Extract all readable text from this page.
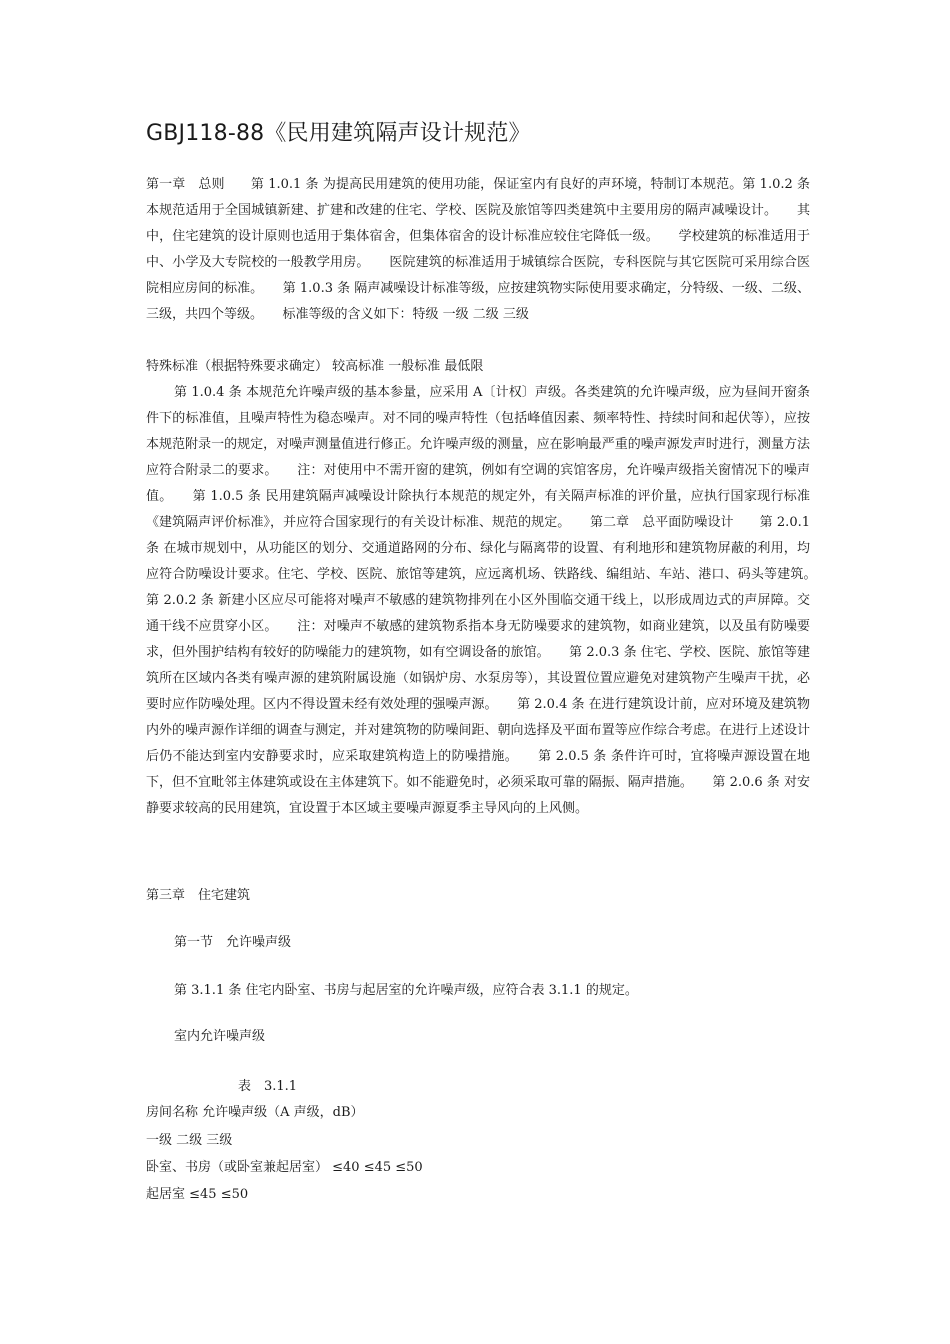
GBJ118-88《民用建筑隔声设计规范》
第一章　总则　　第 1.0.1 条 为提高民用建筑的使用功能，保证室内有良好的声环境，特制订本规范。第 1.0.2 条 本规范适用于全国城镇新建、扩建和改建的住宅、学校、医院及旅馆等四类建筑中主要用房的隔声减噪设计。　　其中，住宅建筑的设计原则也适用于集体宿舍，但集体宿舍的设计标准应较住宅降低一级。　　学校建筑的标准适用于中、小学及大专院校的一般教学用房。　　医院建筑的标准适用于城镇综合医院，专科医院与其它医院可采用综合医院相应房间的标准。　　第 1.0.3 条 隔声减噪设计标准等级，应按建筑物实际使用要求确定，分特级、一级、二级、三级，共四个等级。　　标准等级的含义如下：特级 一级 二级 三级
特殊标准（根据特殊要求确定） 较高标准 一般标准 最低限
第 1.0.4 条 本规范允许噪声级的基本参量，应采用 A〔计权〕声级。各类建筑的允许噪声级，应为昼间开窗条件下的标准值，且噪声特性为稳态噪声。对不同的噪声特性（包括峰值因素、频率特性、持续时间和起伏等），应按本规范附录一的规定，对噪声测量值进行修正。允许噪声级的测量，应在影响最严重的噪声源发声时进行，测量方法应符合附录二的要求。　　注：对使用中不需开窗的建筑，例如有空调的宾馆客房，允许噪声级指关窗情况下的噪声值。　　第 1.0.5 条 民用建筑隔声减噪设计除执行本规范的规定外，有关隔声标准的评价量，应执行国家现行标准《建筑隔声评价标准》，并应符合国家现行的有关设计标准、规范的规定。　　第二章　总平面防噪设计　　第 2.0.1 条 在城市规划中，从功能区的划分、交通道路网的分布、绿化与隔离带的设置、有利地形和建筑物屏蔽的利用，均应符合防噪设计要求。住宅、学校、医院、旅馆等建筑，应远离机场、铁路线、编组站、车站、港口、码头等建筑。　　第 2.0.2 条 新建小区应尽可能将对噪声不敏感的建筑物排列在小区外围临交通干线上，以形成周边式的声屏障。交通干线不应贯穿小区。　　注：对噪声不敏感的建筑物系指本身无防噪要求的建筑物，如商业建筑，以及虽有防噪要求，但外围护结构有较好的防噪能力的建筑物，如有空调设备的旅馆。　　第 2.0.3 条 住宅、学校、医院、旅馆等建筑所在区域内各类有噪声源的建筑附属设施（如锅炉房、水泵房等），其设置位置应避免对建筑物产生噪声干扰，必要时应作防噪处理。区内不得设置未经有效处理的强噪声源。　　第 2.0.4 条 在进行建筑设计前，应对环境及建筑物内外的噪声源作详细的调查与测定，并对建筑物的防噪间距、朝向选择及平面布置等应作综合考虑。在进行上述设计后仍不能达到室内安静要求时，应采取建筑构造上的防噪措施。　　第 2.0.5 条 条件许可时，宜将噪声源设置在地下，但不宜毗邻主体建筑或设在主体建筑下。如不能避免时，必须采取可靠的隔振、隔声措施。　　第 2.0.6 条 对安静要求较高的民用建筑，宜设置于本区域主要噪声源夏季主导风向的上风侧。
第三章　住宅建筑
第一节　允许噪声级
第 3.1.1 条 住宅内卧室、书房与起居室的允许噪声级，应符合表 3.1.1 的规定。
室内允许噪声级
表　3.1.1
房间名称 允许噪声级（A 声级，dB）
一级 二级 三级
卧室、书房（或卧室兼起居室） ≤40 ≤45 ≤50
起居室 ≤45 ≤50
